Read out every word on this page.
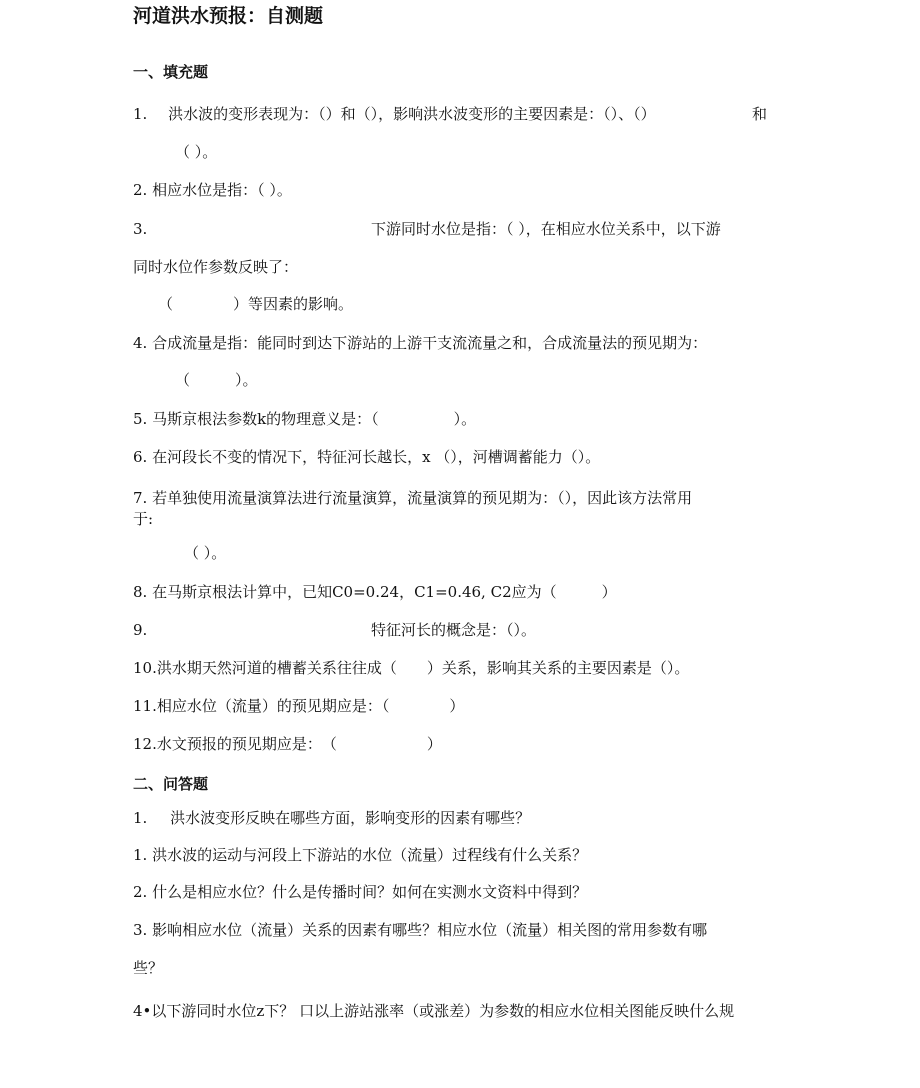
河道洪水预报：自测题
一、填充题
1. 洪水波的变形表现为：（）和（），影响洪水波变形的主要因素是：（）、（）	和
（ ）。
2. 相应水位是指：（ ）。
3.	下游同时水位是指：（ ），在相应水位关系中，以下游
同时水位作参数反映了：
（　　　　）等因素的影响。
4. 合成流量是指：能同时到达下游站的上游干支流流量之和，合成流量法的预见期为：
（　　　）。
5. 马斯京根法参数k的物理意义是：（　　　　　）。
6. 在河段长不变的情况下，特征河长越长，x （），河槽调蓄能力（）。
7. 若单独使用流量演算法进行流量演算，流量演算的预见期为：（），因此该方法常用
于:
（ ）。
8. 在马斯京根法计算中，已知C0=0.24，C1=0.46, C2应为（　　　）
9.	特征河长的概念是：（）。
10.洪水期天然河道的槽蓄关系往往成（　　）关系，影响其关系的主要因素是（）。
11.相应水位（流量）的预见期应是：（　　　　）
12.水文预报的预见期应是：　（　　　　　　）
二、问答题
1. 洪水波变形反映在哪些方面，影响变形的因素有哪些？
1. 洪水波的运动与河段上下游站的水位（流量）过程线有什么关系？
2. 什么是相应水位？什么是传播时间？如何在实测水文资料中得到？
3. 影响相应水位（流量）关系的因素有哪些？相应水位（流量）相关图的常用参数有哪
些？
4•以下游同时水位z下？ 口以上游站涨率（或涨差）为参数的相应水位相关图能反映什么规
